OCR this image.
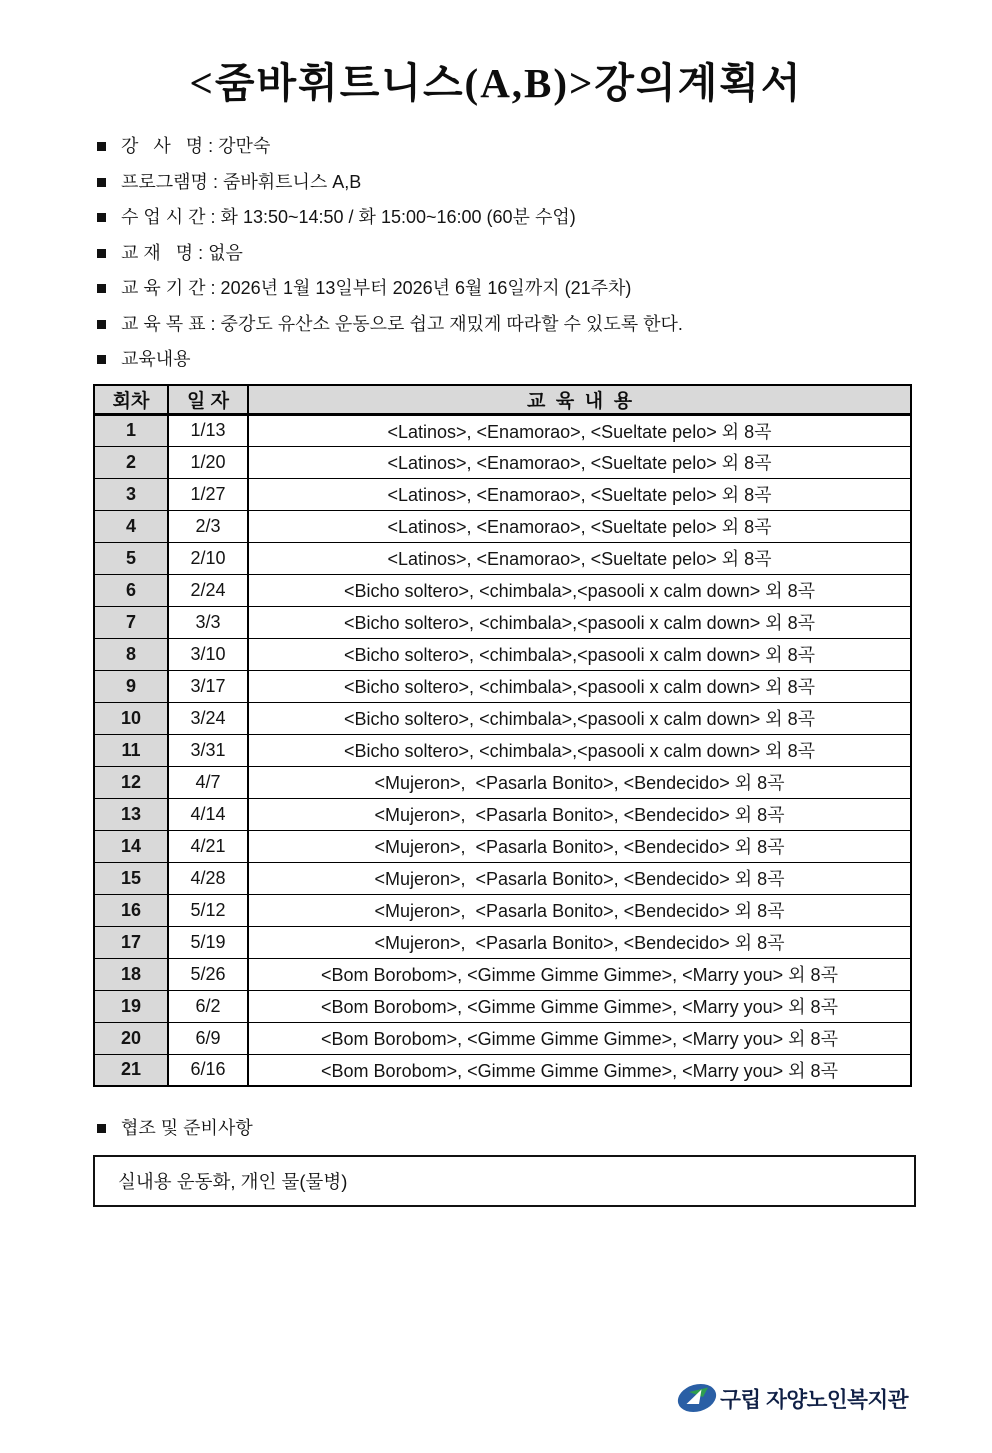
<줌바휘트니스(A,B)>강의계획서
강   사   명 : 강만숙
프로그램명 : 줌바휘트니스 A,B
수 업 시 간 : 화 13:50~14:50 / 화 15:00~16:00 (60분 수업)
교 재   명 : 없음
교 육 기 간 : 2026년 1월 13일부터 2026년 6월 16일까지 (21주차)
교 육 목 표 : 중강도 유산소 운동으로 쉽고 재밌게 따라할 수 있도록 한다.
교육내용
회차	일 자	교  육  내  용
1	1/13	<Latinos>, <Enamorao>, <Sueltate pelo> 외 8곡
2	1/20	<Latinos>, <Enamorao>, <Sueltate pelo> 외 8곡
3	1/27	<Latinos>, <Enamorao>, <Sueltate pelo> 외 8곡
4	2/3	<Latinos>, <Enamorao>, <Sueltate pelo> 외 8곡
5	2/10	<Latinos>, <Enamorao>, <Sueltate pelo> 외 8곡
6	2/24	<Bicho soltero>, <chimbala>,<pasooli x calm down> 외 8곡
7	3/3	<Bicho soltero>, <chimbala>,<pasooli x calm down> 외 8곡
8	3/10	<Bicho soltero>, <chimbala>,<pasooli x calm down> 외 8곡
9	3/17	<Bicho soltero>, <chimbala>,<pasooli x calm down> 외 8곡
10	3/24	<Bicho soltero>, <chimbala>,<pasooli x calm down> 외 8곡
11	3/31	<Bicho soltero>, <chimbala>,<pasooli x calm down> 외 8곡
12	4/7	<Mujeron>,  <Pasarla Bonito>, <Bendecido> 외 8곡
13	4/14	<Mujeron>,  <Pasarla Bonito>, <Bendecido> 외 8곡
14	4/21	<Mujeron>,  <Pasarla Bonito>, <Bendecido> 외 8곡
15	4/28	<Mujeron>,  <Pasarla Bonito>, <Bendecido> 외 8곡
16	5/12	<Mujeron>,  <Pasarla Bonito>, <Bendecido> 외 8곡
17	5/19	<Mujeron>,  <Pasarla Bonito>, <Bendecido> 외 8곡
18	5/26	<Bom Borobom>, <Gimme Gimme Gimme>, <Marry you> 외 8곡
19	6/2	<Bom Borobom>, <Gimme Gimme Gimme>, <Marry you> 외 8곡
20	6/9	<Bom Borobom>, <Gimme Gimme Gimme>, <Marry you> 외 8곡
21	6/16	<Bom Borobom>, <Gimme Gimme Gimme>, <Marry you> 외 8곡
협조 및 준비사항
실내용 운동화, 개인 물(물병)
구립 자양노인복지관
